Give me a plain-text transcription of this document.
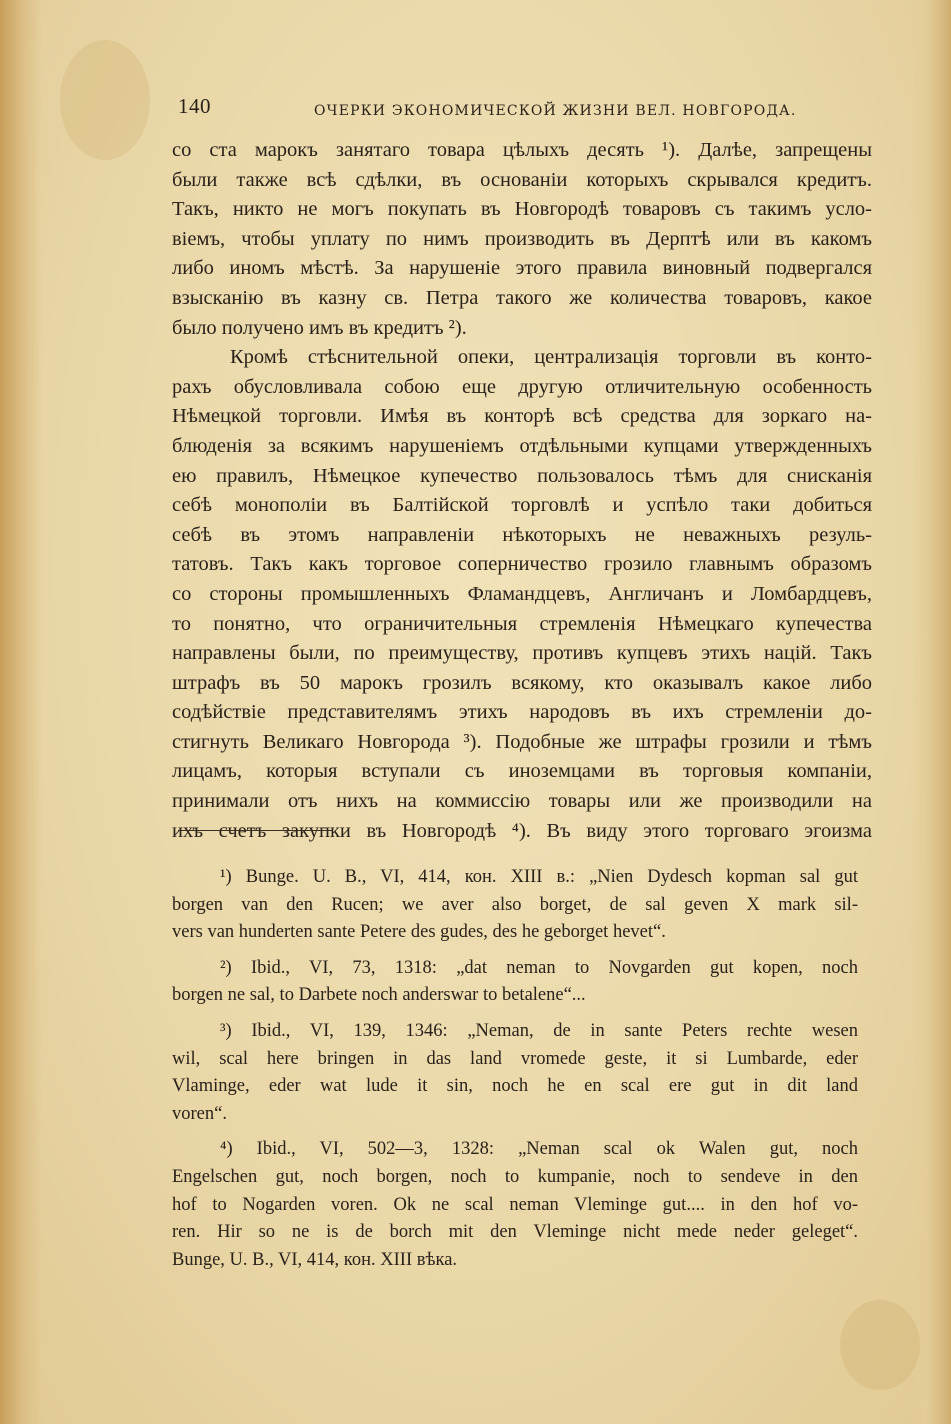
140	ОЧЕРКИ ЭКОНОМИЧЕСКОЙ ЖИЗНИ ВЕЛ. НОВГОРОДА.
со ста марокъ занятаго товара цѣлыхъ десять ¹). Далѣе, запрещены
были также всѣ сдѣлки, въ основаніи которыхъ скрывался кредитъ.
Такъ, никто не могъ покупать въ Новгородѣ товаровъ съ такимъ усло-
віемъ, чтобы уплату по нимъ производить въ Дерптѣ или въ какомъ
либо иномъ мѣстѣ. За нарушеніе этого правила виновный подвергался
взысканію въ казну св. Петра такого же количества товаровъ, какое
было получено имъ въ кредитъ ²).
Кромѣ стѣснительной опеки, централизація торговли въ конто-
рахъ обусловливала собою еще другую отличительную особенность
Нѣмецкой торговли. Имѣя въ конторѣ всѣ средства для зоркаго на-
блюденія за всякимъ нарушеніемъ отдѣльными купцами утвержденныхъ
ею правилъ, Нѣмецкое купечество пользовалось тѣмъ для снисканія
себѣ монополіи въ Балтійской торговлѣ и успѣло таки добиться
себѣ въ этомъ направленіи нѣкоторыхъ не неважныхъ резуль-
татовъ. Такъ какъ торговое соперничество грозило главнымъ образомъ
со стороны промышленныхъ Фламандцевъ, Англичанъ и Ломбардцевъ,
то понятно, что ограничительныя стремленія Нѣмецкаго купечества
направлены были, по преимуществу, противъ купцевъ этихъ націй. Такъ
штрафъ въ 50 марокъ грозилъ всякому, кто оказывалъ какое либо
содѣйствіе представителямъ этихъ народовъ въ ихъ стремленіи до-
стигнуть Великаго Новгорода ³). Подобные же штрафы грозили и тѣмъ
лицамъ, которыя вступали съ иноземцами въ торговыя компаніи,
принимали отъ нихъ на коммиссію товары или же производили на
ихъ счетъ закупки въ Новгородѣ ⁴). Въ виду этого торговаго эгоизма
¹) Bunge. U. B., VI, 414, кон. XIII в.: „Nien Dydesch kopman sal gut
borgen van den Rucen; we aver also borget, de sal geven X mark sil-
vers van hunderten sante Petere des gudes, des he geborget hevet“.
²) Ibid., VI, 73, 1318: „dat neman to Novgarden gut kopen, noch
borgen ne sal, to Darbete noch anderswar to betalene“...
³) Ibid., VI, 139, 1346: „Neman, de in sante Peters rechte wesen
wil, scal here bringen in das land vromede geste, it si Lumbarde, eder
Vlaminge, eder wat lude it sin, noch he en scal ere gut in dit land
voren“.
⁴) Ibid., VI, 502—3, 1328: „Neman scal ok Walen gut, noch
Engelschen gut, noch borgen, noch to kumpanie, noch to sendeve in den
hof to Nogarden voren. Ok ne scal neman Vleminge gut.... in den hof vo-
ren. Hir so ne is de borch mit den Vleminge nicht mede neder geleget“.
Bunge, U. B., VI, 414, кон. XIII вѣка.
